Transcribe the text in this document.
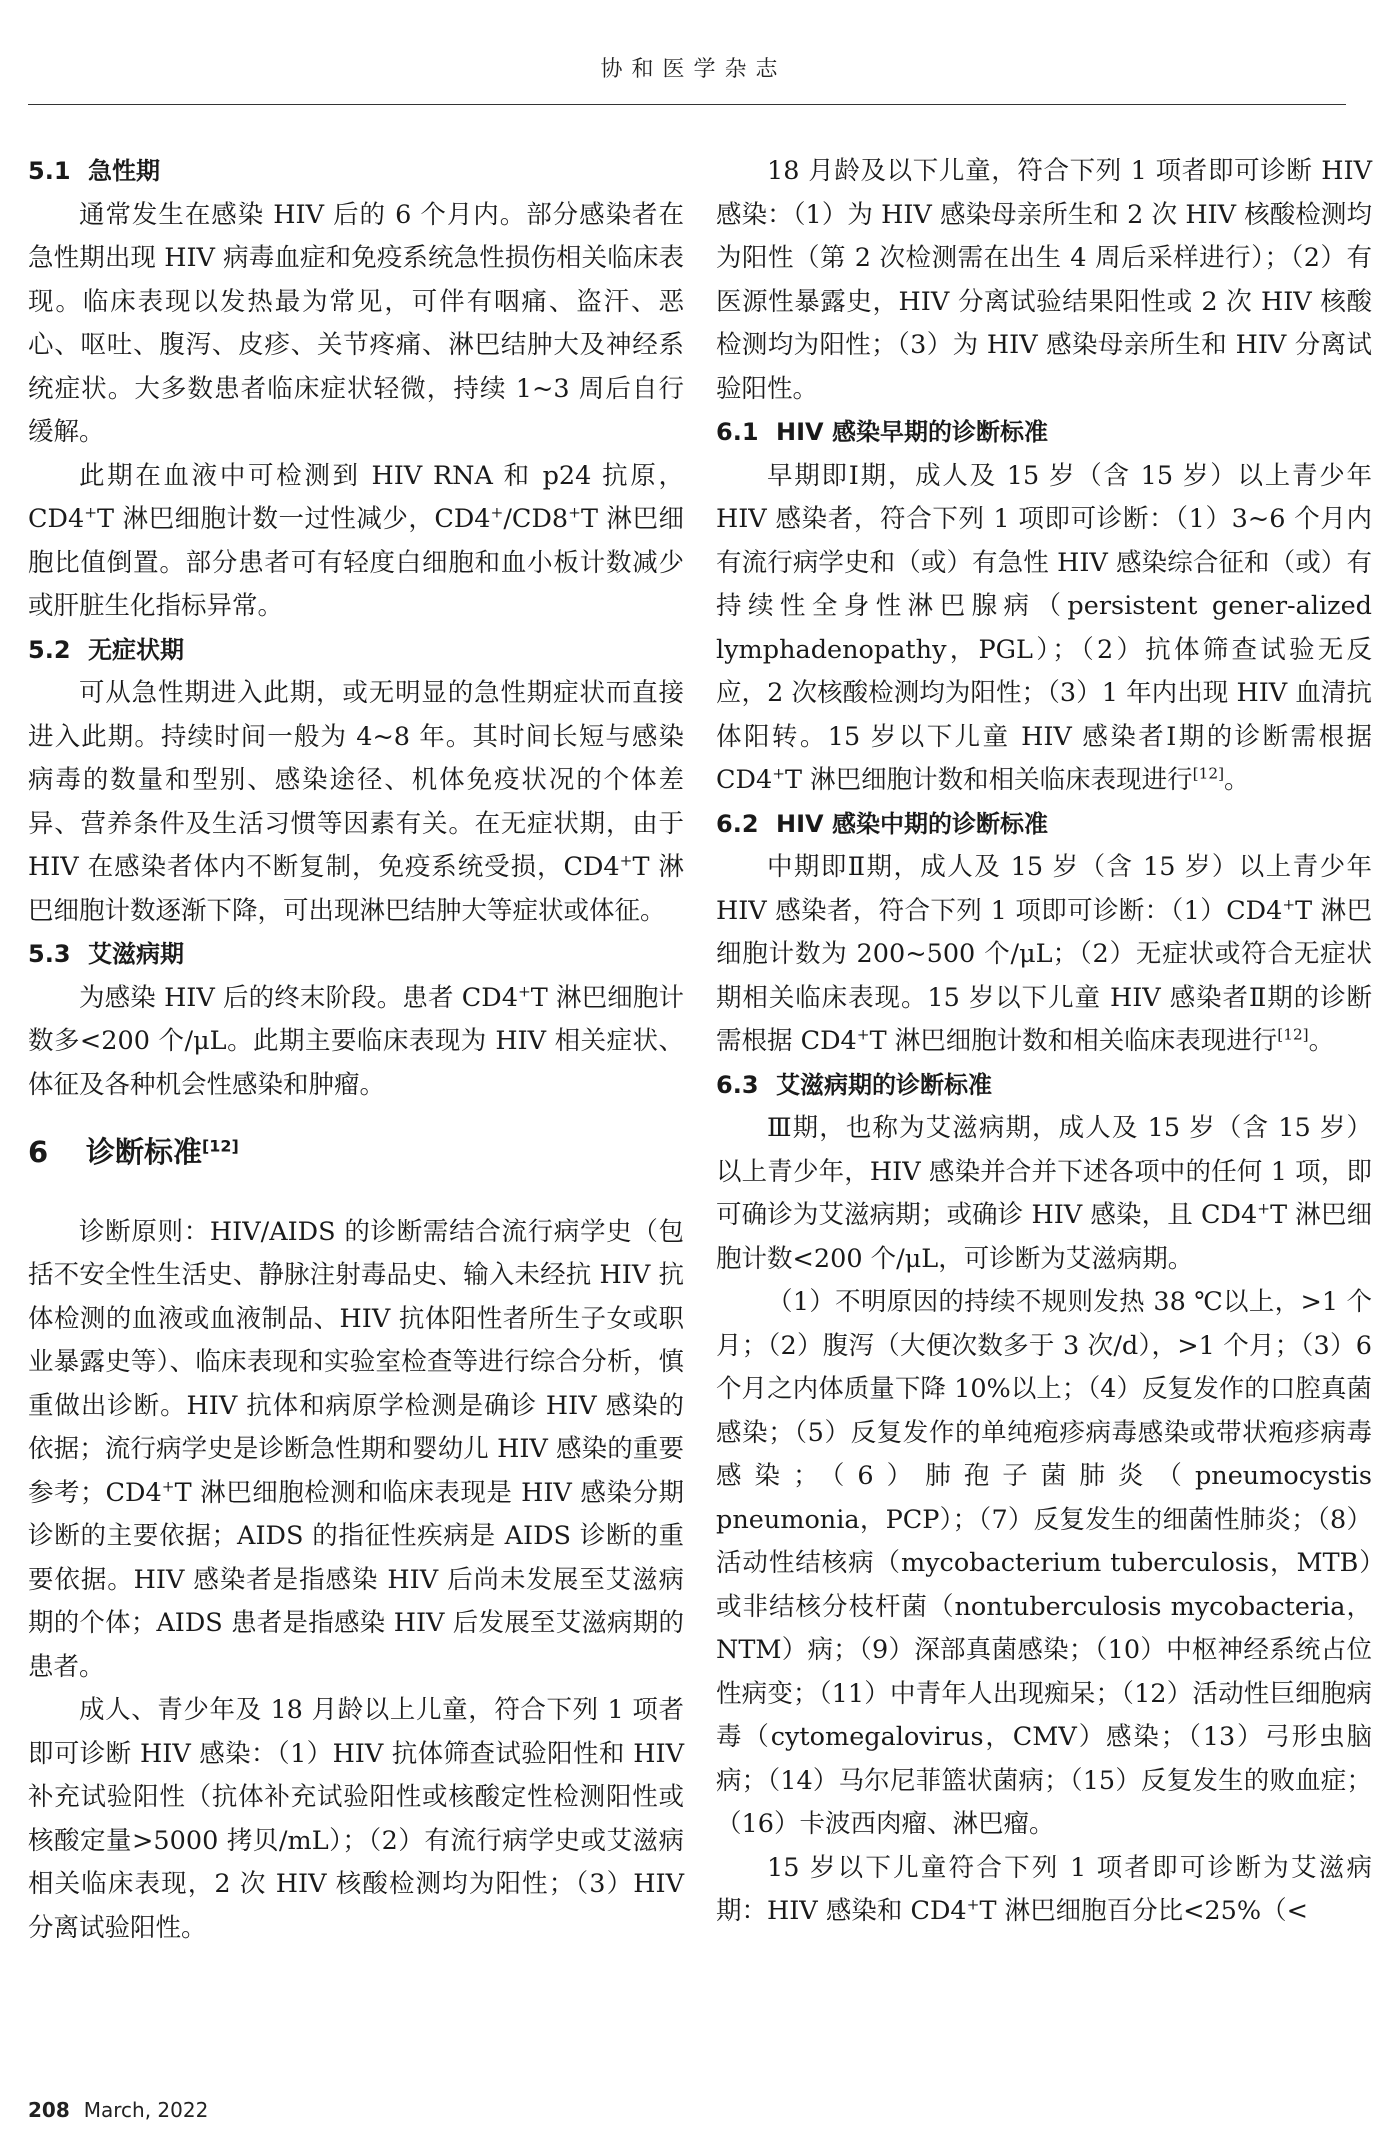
协和医学杂志
5.1 急性期

通常发生在感染 HIV 后的 6 个月内。部分感染者在急性期出现 HIV 病毒血症和免疫系统急性损伤相关临床表现。临床表现以发热最为常见，可伴有咽痛、盗汗、恶心、呕吐、腹泻、皮疹、关节疼痛、淋巴结肿大及神经系统症状。大多数患者临床症状轻微，持续 1~3 周后自行缓解。

此期在血液中可检测到 HIV RNA 和 p24 抗原，CD4+T 淋巴细胞计数一过性减少，CD4+/CD8+T 淋巴细胞比值倒置。部分患者可有轻度白细胞和血小板计数减少或肝脏生化指标异常。

5.2 无症状期

可从急性期进入此期，或无明显的急性期症状而直接进入此期。持续时间一般为 4~8 年。其时间长短与感染病毒的数量和型别、感染途径、机体免疫状况的个体差异、营养条件及生活习惯等因素有关。在无症状期，由于 HIV 在感染者体内不断复制，免疫系统受损，CD4+T 淋巴细胞计数逐渐下降，可出现淋巴结肿大等症状或体征。

5.3 艾滋病期

为感染 HIV 后的终末阶段。患者 CD4+T 淋巴细胞计数多<200 个/μL。此期主要临床表现为 HIV 相关症状、体征及各种机会性感染和肿瘤。

6 诊断标准[12]

诊断原则：HIV/AIDS 的诊断需结合流行病学史（包括不安全性生活史、静脉注射毒品史、输入未经抗 HIV 抗体检测的血液或血液制品、HIV 抗体阳性者所生子女或职业暴露史等）、临床表现和实验室检查等进行综合分析，慎重做出诊断。HIV 抗体和病原学检测是确诊 HIV 感染的依据；流行病学史是诊断急性期和婴幼儿 HIV 感染的重要参考；CD4+T 淋巴细胞检测和临床表现是 HIV 感染分期诊断的主要依据；AIDS 的指征性疾病是 AIDS 诊断的重要依据。HIV 感染者是指感染 HIV 后尚未发展至艾滋病期的个体；AIDS 患者是指感染 HIV 后发展至艾滋病期的患者。

成人、青少年及 18 月龄以上儿童，符合下列 1 项者即可诊断 HIV 感染：（1）HIV 抗体筛查试验阳性和 HIV 补充试验阳性（抗体补充试验阳性或核酸定性检测阳性或核酸定量>5000 拷贝/mL）；（2）有流行病学史或艾滋病相关临床表现，2 次 HIV 核酸检测均为阳性；（3）HIV 分离试验阳性。

18 月龄及以下儿童，符合下列 1 项者即可诊断 HIV 感染：（1）为 HIV 感染母亲所生和 2 次 HIV 核酸检测均为阳性（第 2 次检测需在出生 4 周后采样进行）；（2）有医源性暴露史，HIV 分离试验结果阳性或 2 次 HIV 核酸检测均为阳性；（3）为 HIV 感染母亲所生和 HIV 分离试验阳性。

6.1 HIV 感染早期的诊断标准

早期即Ⅰ期，成人及 15 岁（含 15 岁）以上青少年 HIV 感染者，符合下列 1 项即可诊断：（1）3~6 个月内有流行病学史和（或）有急性 HIV 感染综合征和（或）有持续性全身性淋巴腺病（persistent gener-alized lymphadenopathy，PGL）；（2）抗体筛查试验无反应，2 次核酸检测均为阳性；（3）1 年内出现 HIV 血清抗体阳转。15 岁以下儿童 HIV 感染者Ⅰ期的诊断需根据 CD4+T 淋巴细胞计数和相关临床表现进行[12]。

6.2 HIV 感染中期的诊断标准

中期即Ⅱ期，成人及 15 岁（含 15 岁）以上青少年 HIV 感染者，符合下列 1 项即可诊断：（1）CD4+T 淋巴细胞计数为 200~500 个/μL；（2）无症状或符合无症状期相关临床表现。15 岁以下儿童 HIV 感染者Ⅱ期的诊断需根据 CD4+T 淋巴细胞计数和相关临床表现进行[12]。

6.3 艾滋病期的诊断标准

Ⅲ期，也称为艾滋病期，成人及 15 岁（含 15 岁）以上青少年，HIV 感染并合并下述各项中的任何 1 项，即可确诊为艾滋病期；或确诊 HIV 感染，且 CD4+T 淋巴细胞计数<200 个/μL，可诊断为艾滋病期。

（1）不明原因的持续不规则发热 38 ℃以上，>1 个月；（2）腹泻（大便次数多于 3 次/d），>1 个月；（3）6 个月之内体质量下降 10%以上；（4）反复发作的口腔真菌感染；（5）反复发作的单纯疱疹病毒感染或带状疱疹病毒感染；（6）肺孢子菌肺炎（pneumocystis pneumonia，PCP）；（7）反复发生的细菌性肺炎；（8）活动性结核病（mycobacterium tuberculosis，MTB）或非结核分枝杆菌（nontuberculosis mycobacteria，NTM）病；（9）深部真菌感染；（10）中枢神经系统占位性病变；（11）中青年人出现痴呆；（12）活动性巨细胞病毒（cytomegalovirus，CMV）感染；（13）弓形虫脑病；（14）马尔尼菲篮状菌病；（15）反复发生的败血症；（16）卡波西肉瘤、淋巴瘤。

15 岁以下儿童符合下列 1 项者即可诊断为艾滋病期：HIV 感染和 CD4+T 淋巴细胞百分比<25%（<

208 March, 2022
